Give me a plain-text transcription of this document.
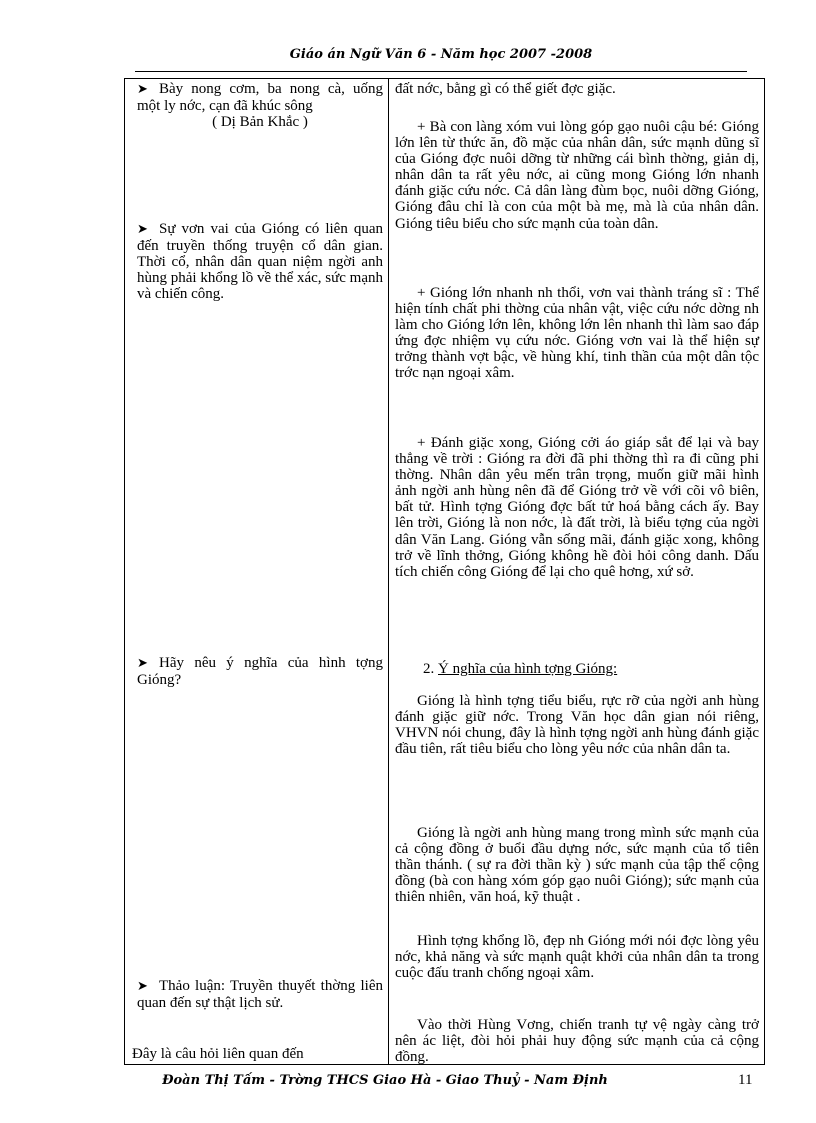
Giáo án Ngữ Văn 6 - Năm học 2007 -2008
➤ Bày nong cơm, ba nong cà, uống một ly nớc, cạn đã khúc sông
( Dị Bản Khắc )
➤ Sự vơn vai của Gióng có liên quan đến truyền thống truyện cổ dân gian. Thời cổ, nhân dân quan niệm ngời anh hùng phải khổng lồ về thể xác, sức mạnh và chiến công.
➤ Hãy nêu ý nghĩa của hình tợng Gióng?
➤ Thảo luận: Truyền thuyết thờng liên quan đến sự thật lịch sử.
Đây là câu hỏi liên quan đến
đất nớc, bằng gì có thể giết đợc giặc.
+ Bà con làng xóm vui lòng góp gạo nuôi cậu bé: Gióng lớn lên từ thức ăn, đồ mặc của nhân dân, sức mạnh dũng sĩ của Gióng đợc nuôi dỡng từ những cái bình thờng, giản dị, nhân dân ta rất yêu nớc, ai cũng mong Gióng lớn nhanh đánh giặc cứu nớc. Cả dân làng đùm bọc, nuôi dỡng Gióng, Gióng đâu chỉ là con của một bà mẹ, mà là của nhân dân. Gióng tiêu biểu cho sức mạnh của toàn dân.
+ Gióng lớn nhanh nh thổi, vơn vai thành tráng sĩ : Thể hiện tính chất phi thờng của nhân vật, việc cứu nớc dờng nh làm cho Gióng lớn lên, không lớn lên nhanh thì làm sao đáp ứng đợc nhiệm vụ cứu nớc. Gióng vơn vai là thể hiện sự trởng thành vợt bậc, về hùng khí, tinh thần của một dân tộc trớc nạn ngoại xâm.
+ Đánh giặc xong, Gióng cởi áo giáp sắt để lại và bay thẳng về trời : Gióng ra đời đã phi thờng thì ra đi cũng phi thờng. Nhân dân yêu mến trân trọng, muốn giữ mãi hình ảnh ngời anh hùng nên đã để Gióng trở về với cõi vô biên, bất tử. Hình tợng Gióng đợc bất tử hoá bằng cách ấy. Bay lên trời, Gióng là non nớc, là đất trời, là biểu tợng của ngời dân Văn Lang. Gióng vẫn sống mãi, đánh giặc xong, không trở về lĩnh thởng, Gióng không hề đòi hỏi công danh. Dấu tích chiến công Gióng để lại cho quê hơng, xứ sở.
2. Ý nghĩa của hình tợng Gióng:
Gióng là hình tợng tiểu biểu, rực rỡ của ngời anh hùng đánh giặc giữ nớc. Trong Văn học dân gian nói riêng, VHVN nói chung, đây là hình tợng ngời anh hùng đánh giặc đầu tiên, rất tiêu biểu cho lòng yêu nớc của nhân dân ta.
Gióng là ngời anh hùng mang trong mình sức mạnh của cả cộng đồng ở buổi đầu dựng nớc, sức mạnh của tổ tiên thần thánh. ( sự ra đời thần kỳ ) sức mạnh của tập thể cộng đồng (bà con hàng xóm góp gạo nuôi Gióng); sức mạnh của thiên nhiên, văn hoá, kỹ thuật .
Hình tợng khổng lồ, đẹp nh Gióng mới nói đợc lòng yêu nớc, khả năng và sức mạnh quật khởi của nhân dân ta trong cuộc đấu tranh chống ngoại xâm.
Vào thời Hùng Vơng, chiến tranh tự vệ ngày càng trở nên ác liệt, đòi hỏi phải huy động sức mạnh của cả cộng đồng.
Đoàn Thị Tấm - Trờng THCS Giao Hà - Giao Thuỷ - Nam Định	11
